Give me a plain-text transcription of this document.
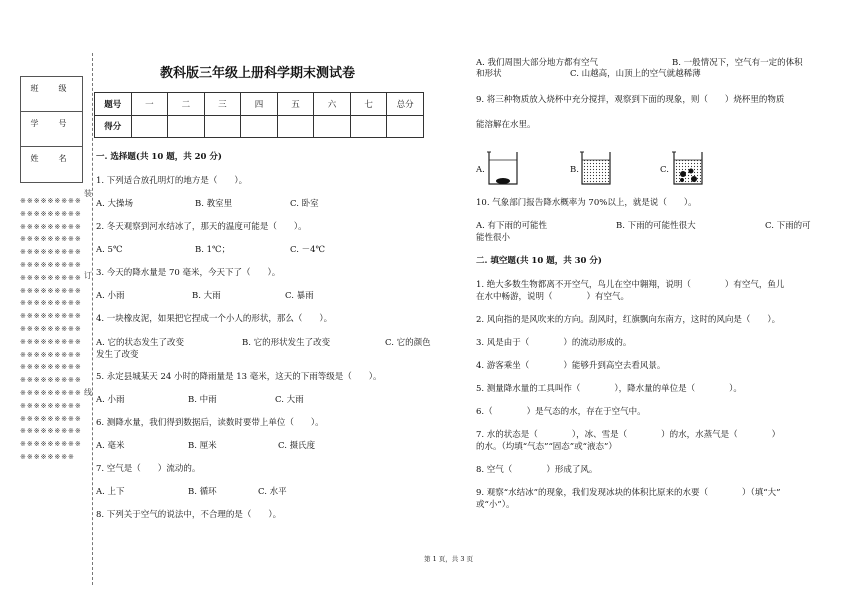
班　级
学　号
姓　名
※※※※※※※※※※※※※※※※※※※※※※※※※※※※※※※※※※※※※※※※※※※※※※※※※※※※※※※※※※※※※※※※※※※※※※※※※※※※※※※※※※※※※※※※※※※※※※※※※※※※※※※※※※※※※※※※※※※※※※※※※※※※※※※※※※※※※※※※※※※※※※※※※※※※※※※※※※※※※※※※※※※※※※※※※※※※※※※※※※※※※※※※※※※※
装
订
线
教科版三年级上册科学期末测试卷
题号	一	二	三	四	五	六	七	总分
得分								
一. 选择题(共 10 题，共 20 分)
1. 下列适合放孔明灯的地方是（　　）。
A. 大操场	B. 教室里	C. 卧室
2. 冬天观察到河水结冰了，那天的温度可能是（　　）。
A. 5℃	B. 1℃；	C. －4℃
3. 今天的降水量是 70 毫米，今天下了（　　）。
A. 小雨	B. 大雨	C. 暴雨
4. 一块橡皮泥，如果把它捏成一个小人的形状，那么（　　）。
A. 它的状态发生了改变	B. 它的形状发生了改变	C. 它的颜色
发生了改变
5. 永定县城某天 24 小时的降雨量是 13 毫米，这天的下雨等级是（　　）。
A. 小雨	B. 中雨	C. 大雨
6. 测降水量，我们得到数据后，读数时要带上单位（　　）。
A. 毫米	B. 厘米	C. 摄氏度
7. 空气是（　　）流动的。
A. 上下	B. 循环	C. 水平
8. 下列关于空气的说法中，不合理的是（　　）。
A. 我们周围大部分地方都有空气	B. 一般情况下，空气有一定的体积
和形状	C. 山越高，山顶上的空气就越稀薄
9. 将三种物质放入烧杯中充分搅拌，观察到下面的现象，则（　　）烧杯里的物质
能溶解在水里。
A.	B.	C.
10. 气象部门报告降水概率为 70%以上，就是说（　　）。
A. 有下雨的可能性	B. 下雨的可能性很大	C. 下雨的可
能性很小
二. 填空题(共 10 题，共 30 分)
1. 绝大多数生物都离不开空气，鸟儿在空中翱翔，说明（　　　　）有空气，鱼儿
在水中畅游，说明（　　　　）有空气。
2. 风向指的是风吹来的方向。刮风时，红旗飘向东南方，这时的风向是（　　）。
3. 风是由于（　　　　）的流动形成的。
4. 游客乘坐（　　　　）能够升到高空去看风景。
5. 测量降水量的工具叫作（　　　　），降水量的单位是（　　　　）。
6.（　　　　）是气态的水，存在于空气中。
7. 水的状态是（　　　　），冰、雪是（　　　　）的水，水蒸气是（　　　　）
的水。（均填“气态”“固态”或“液态”）
8. 空气（　　　　）形成了风。
9. 观察“水结冰”的现象，我们发现冰块的体积比原来的水要（　　　　）（填“大”
或“小”）。
第 1 页，共 3 页
